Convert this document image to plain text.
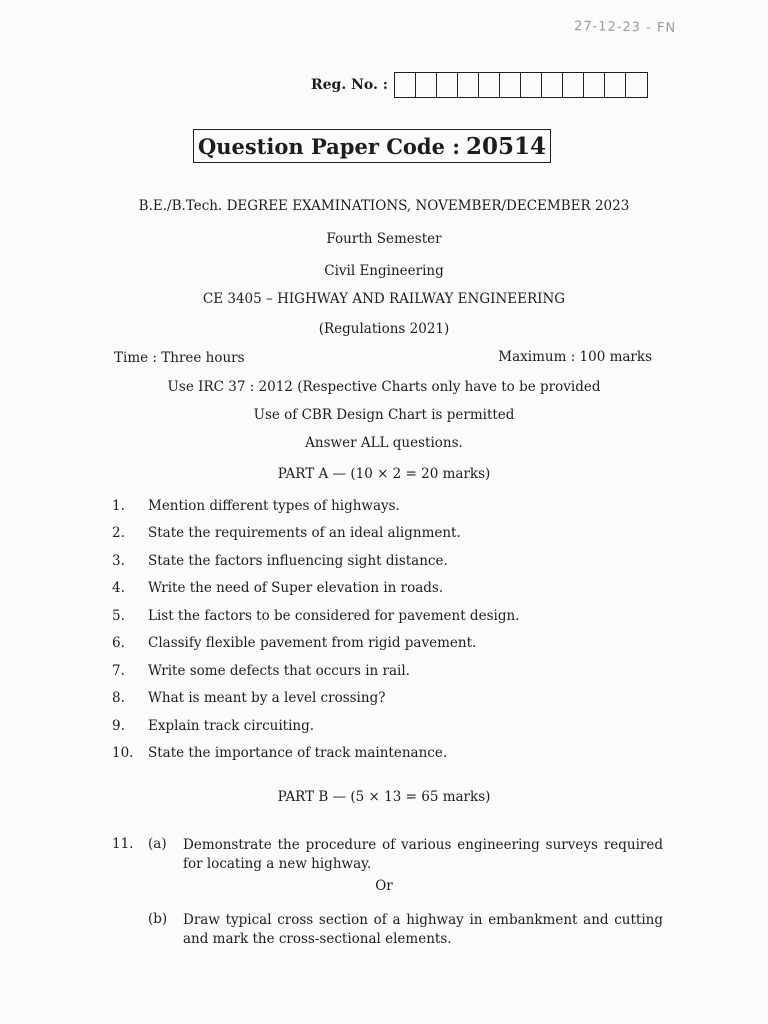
27-12-23 - FN
Reg. No. :
Question Paper Code : 20514
B.E./B.Tech. DEGREE EXAMINATIONS, NOVEMBER/DECEMBER 2023
Fourth Semester
Civil Engineering
CE 3405 – HIGHWAY AND RAILWAY ENGINEERING
(Regulations 2021)
Time : Three hours	Maximum : 100 marks
Use IRC 37 : 2012 (Respective Charts only have to be provided
Use of CBR Design Chart is permitted
Answer ALL questions.
PART A — (10 × 2 = 20 marks)
1.	Mention different types of highways.
2.	State the requirements of an ideal alignment.
3.	State the factors influencing sight distance.
4.	Write the need of Super elevation in roads.
5.	List the factors to be considered for pavement design.
6.	Classify flexible pavement from rigid pavement.
7.	Write some defects that occurs in rail.
8.	What is meant by a level crossing?
9.	Explain track circuiting.
10.	State the importance of track maintenance.
PART B — (5 × 13 = 65 marks)
11. (a) Demonstrate the procedure of various engineering surveys required for locating a new highway.
Or
(b) Draw typical cross section of a highway in embankment and cutting and mark the cross-sectional elements.
